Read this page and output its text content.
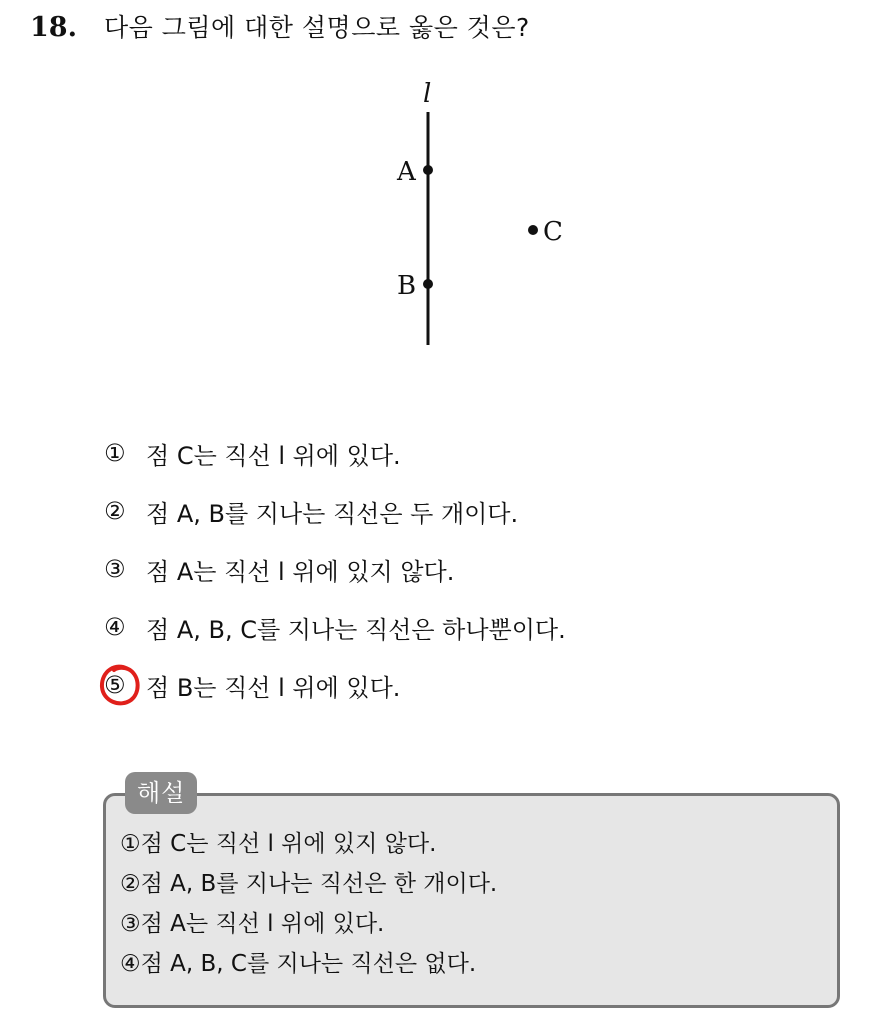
18. 다음 그림에 대한 설명으로 옳은 것은?
l
A
B
C
① 점 C는 직선 l 위에 있다.
② 점 A, B를 지나는 직선은 두 개이다.
③ 점 A는 직선 l 위에 있지 않다.
④ 점 A, B, C를 지나는 직선은 하나뿐이다.
⑤ 점 B는 직선 l 위에 있다.
해설
①점 C는 직선 l 위에 있지 않다.
②점 A, B를 지나는 직선은 한 개이다.
③점 A는 직선 l 위에 있다.
④점 A, B, C를 지나는 직선은 없다.
